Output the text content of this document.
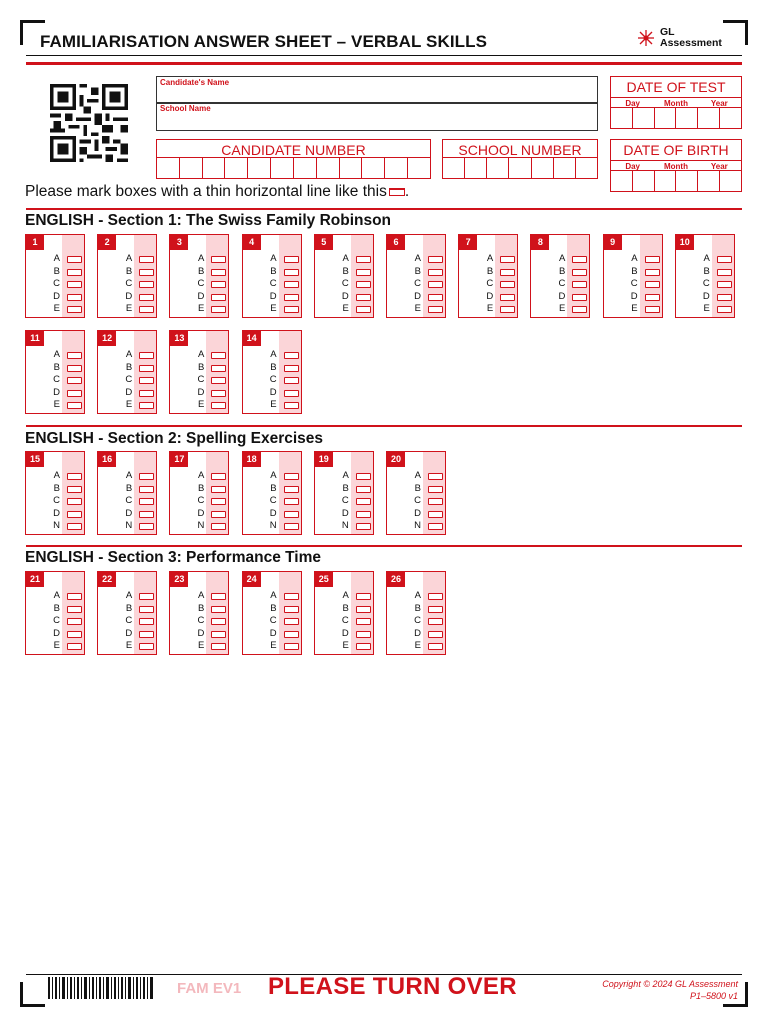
FAMILIARISATION ANSWER SHEET – VERBAL SKILLS	GL
Assessment
Candidate's Name
School Name
CANDIDATE NUMBER	SCHOOL NUMBER
DATE OF TEST
Day	Month	Year
DATE OF BIRTH
Day	Month	Year
Please mark boxes with a thin horizontal line like this .
ENGLISH - Section 1: The Swiss Family Robinson
1
A
B
C
D
E
2
A
B
C
D
E
3
A
B
C
D
E
4
A
B
C
D
E
5
A
B
C
D
E
6
A
B
C
D
E
7
A
B
C
D
E
8
A
B
C
D
E
9
A
B
C
D
E
10
A
B
C
D
E
11
A
B
C
D
E
12
A
B
C
D
E
13
A
B
C
D
E
14
A
B
C
D
E
ENGLISH - Section 2: Spelling Exercises
15
A
B
C
D
N
16
A
B
C
D
N
17
A
B
C
D
N
18
A
B
C
D
N
19
A
B
C
D
N
20
A
B
C
D
N
ENGLISH - Section 3: Performance Time
21
A
B
C
D
E
22
A
B
C
D
E
23
A
B
C
D
E
24
A
B
C
D
E
25
A
B
C
D
E
26
A
B
C
D
E
FAM EV1 PLEASE TURN OVER	Copyright © 2024 GL Assessment
P1–5800 v1
